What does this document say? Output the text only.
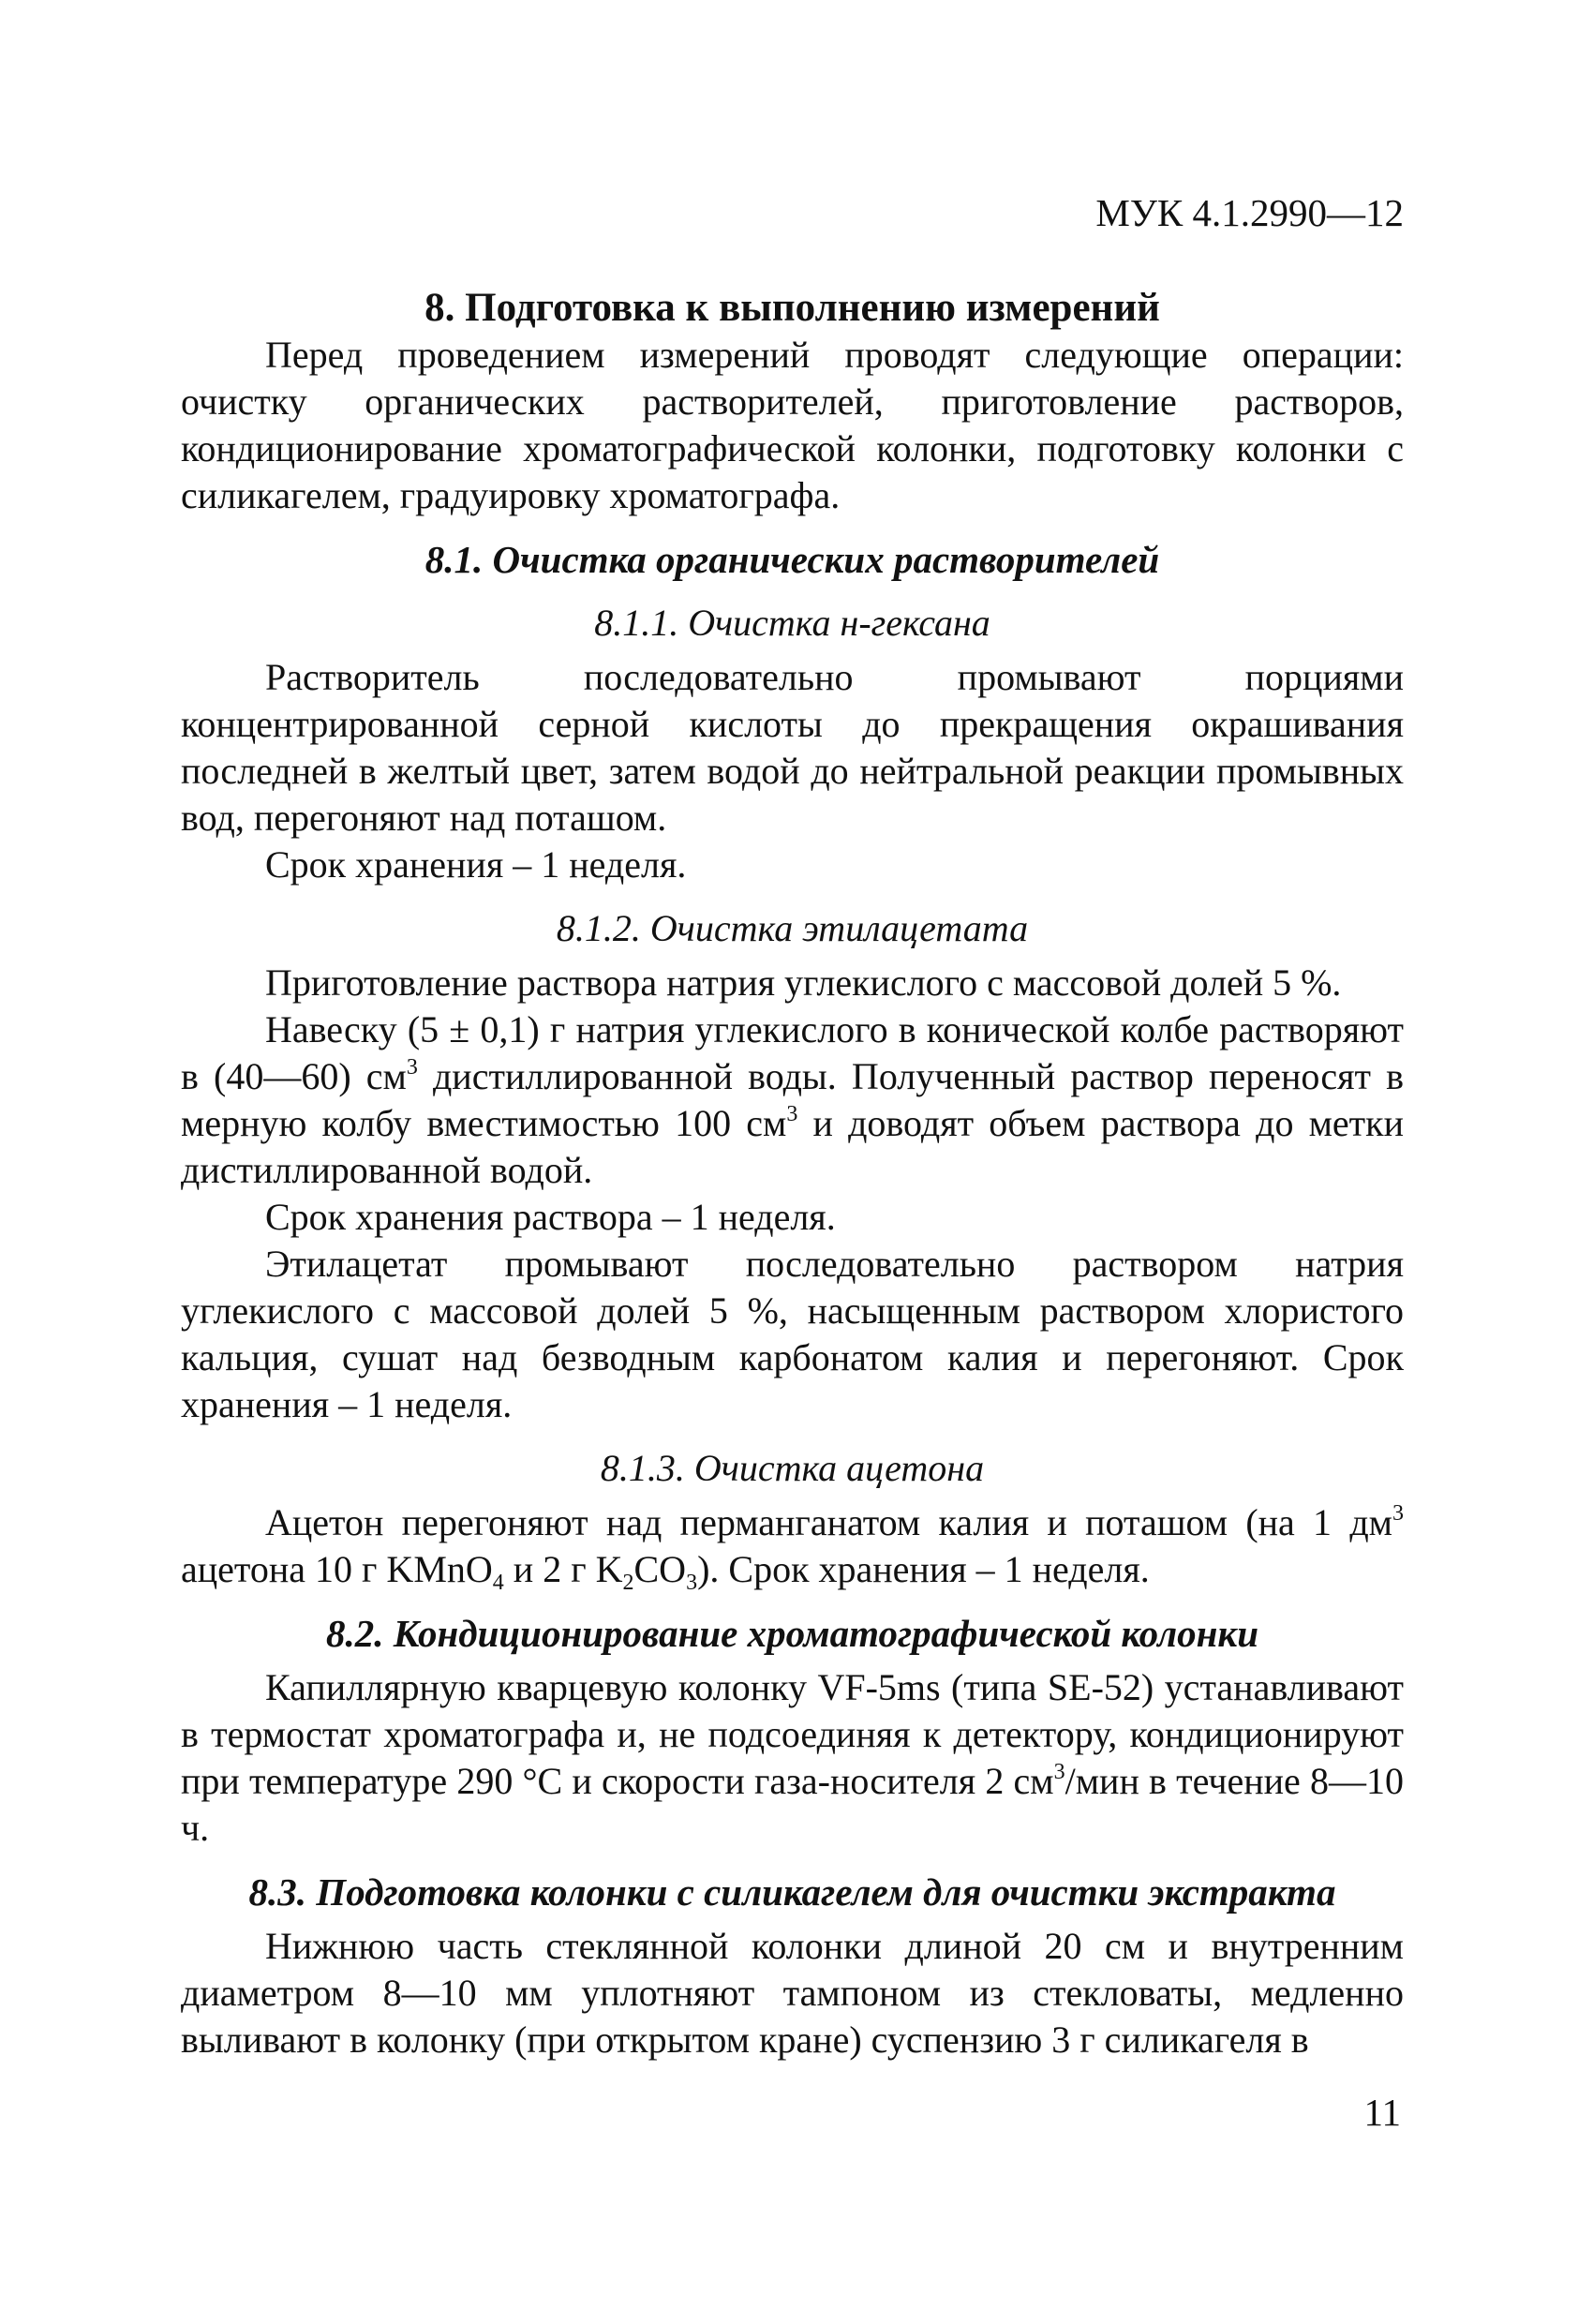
МУК 4.1.2990—12
8. Подготовка к выполнению измерений

Перед проведением измерений проводят следующие операции: очистку органических растворителей, приготовление растворов, кондиционирование хроматографической колонки, подготовку колонки с силикагелем, градуировку хроматографа.

8.1. Очистка органических растворителей
8.1.1. Очистка н-гексана

Растворитель последовательно промывают порциями концентрированной серной кислоты до прекращения окрашивания последней в желтый цвет, затем водой до нейтральной реакции промывных вод, перегоняют над поташом.

Срок хранения – 1 неделя.

8.1.2. Очистка этилацетата

Приготовление раствора натрия углекислого с массовой долей 5 %.

Навеску (5 ± 0,1) г натрия углекислого в конической колбе растворяют в (40—60) $см^3$ дистиллированной воды. Полученный раствор переносят в мерную колбу вместимостью 100 $см^3$ и доводят объем раствора до метки дистиллированной водой.

Срок хранения раствора – 1 неделя.

Этилацетат промывают последовательно раствором натрия углекислого с массовой долей 5 %, насыщенным раствором хлористого кальция, сушат над безводным карбонатом калия и перегоняют. Срок хранения – 1 неделя.

8.1.3. Очистка ацетона

Ацетон перегоняют над перманганатом калия и поташом (на 1 $дм^3$ ацетона 10 г KMnO$_4$ и 2 г $K_2CO_3$). Срок хранения – 1 неделя.

8.2. Кондиционирование хроматографической колонки

Капиллярную кварцевую колонку VF-5ms (типа SE-52) устанавливают в термостат хроматографа и, не подсоединяя к детектору, кондиционируют при температуре 290 °С и скорости газа-носителя 2 $см^3$/мин в течение 8—10 ч.

8.3. Подготовка колонки с силикагелем для очистки экстракта

Нижнюю часть стеклянной колонки длиной 20 см и внутренним диаметром 8—10 мм уплотняют тампоном из стекловаты, медленно выливают в колонку (при открытом кране) суспензию 3 г силикагеля в

11
